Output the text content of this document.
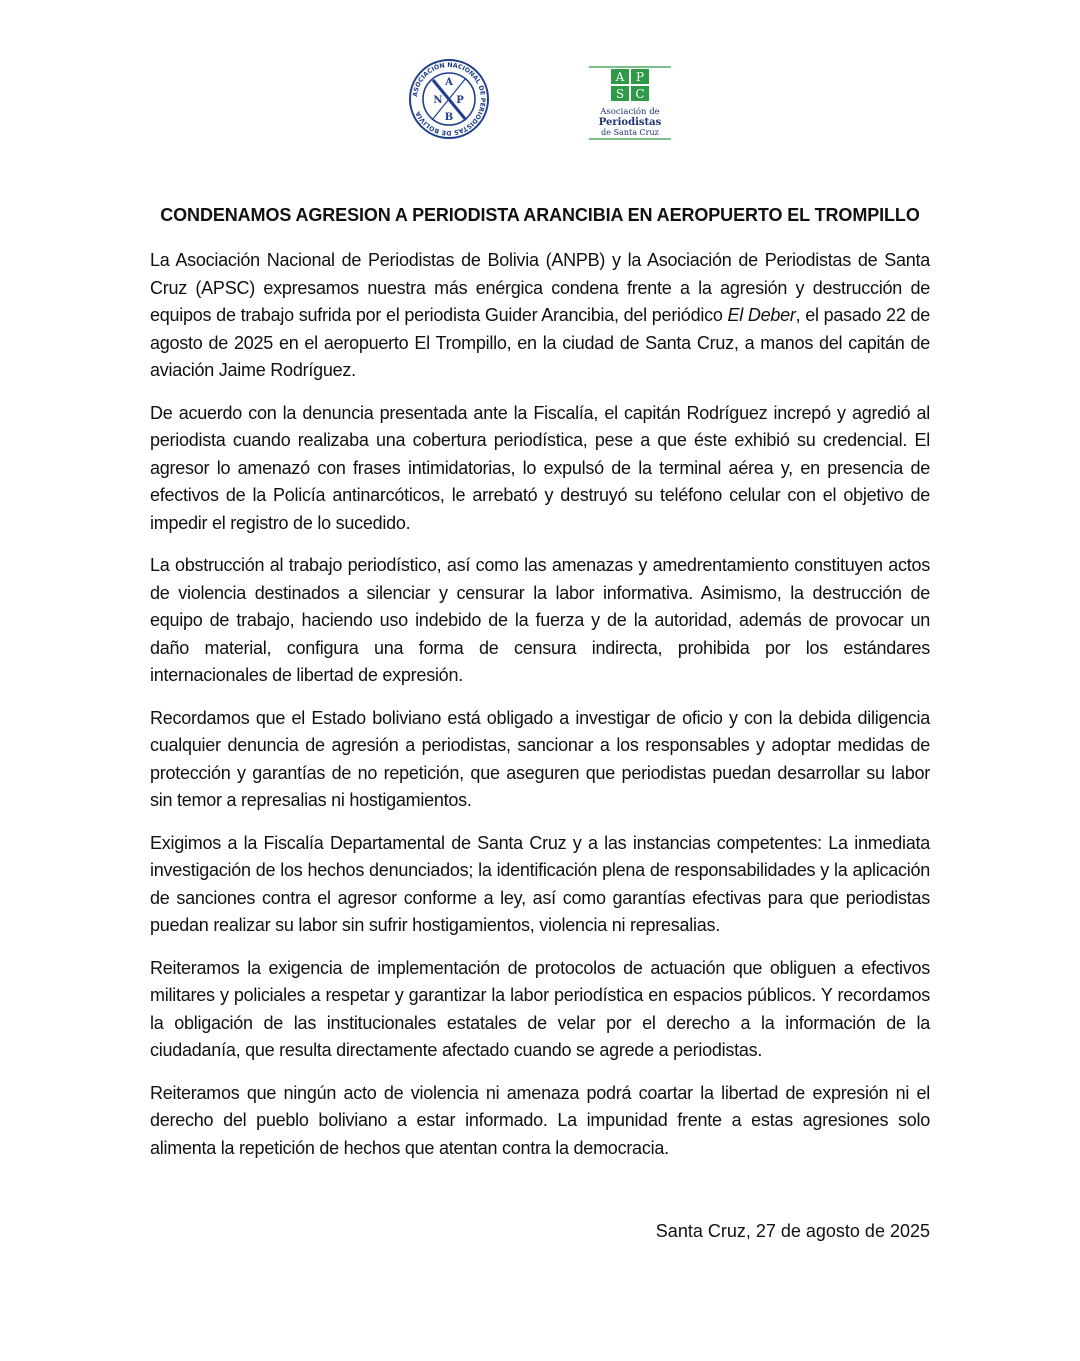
ASOCIACIÓN NACIONAL DE PERIODISTAS DE BOLIVIA
A
N P
B
A P
S C
Asociación de
Periodistas
de Santa Cruz
CONDENAMOS AGRESION A PERIODISTA ARANCIBIA EN AEROPUERTO EL TROMPILLO

La Asociación Nacional de Periodistas de Bolivia (ANPB) y la Asociación de Periodistas de Santa Cruz (APSC) expresamos nuestra más enérgica condena frente a la agresión y destrucción de equipos de trabajo sufrida por el periodista Guider Arancibia, del periódico El Deber, el pasado 22 de agosto de 2025 en el aeropuerto El Trompillo, en la ciudad de Santa Cruz, a manos del capitán de aviación Jaime Rodríguez.

De acuerdo con la denuncia presentada ante la Fiscalía, el capitán Rodríguez increpó y agredió al periodista cuando realizaba una cobertura periodística, pese a que éste exhibió su credencial. El agresor lo amenazó con frases intimidatorias, lo expulsó de la terminal aérea y, en presencia de efectivos de la Policía antinarcóticos, le arrebató y destruyó su teléfono celular con el objetivo de impedir el registro de lo sucedido.

La obstrucción al trabajo periodístico, así como las amenazas y amedrentamiento constituyen actos de violencia destinados a silenciar y censurar la labor informativa. Asimismo, la destrucción de equipo de trabajo, haciendo uso indebido de la fuerza y de la autoridad, además de provocar un daño material, configura una forma de censura indirecta, prohibida por los estándares internacionales de libertad de expresión.

Recordamos que el Estado boliviano está obligado a investigar de oficio y con la debida diligencia cualquier denuncia de agresión a periodistas, sancionar a los responsables y adoptar medidas de protección y garantías de no repetición, que aseguren que periodistas puedan desarrollar su labor sin temor a represalias ni hostigamientos.

Exigimos a la Fiscalía Departamental de Santa Cruz y a las instancias competentes: La inmediata investigación de los hechos denunciados; la identificación plena de responsabilidades y la aplicación de sanciones contra el agresor conforme a ley, así como garantías efectivas para que periodistas puedan realizar su labor sin sufrir hostigamientos, violencia ni represalias.

Reiteramos la exigencia de implementación de protocolos de actuación que obliguen a efectivos militares y policiales a respetar y garantizar la labor periodística en espacios públicos. Y recordamos la obligación de las institucionales estatales de velar por el derecho a la información de la ciudadanía, que resulta directamente afectado cuando se agrede a periodistas.

Reiteramos que ningún acto de violencia ni amenaza podrá coartar la libertad de expresión ni el derecho del pueblo boliviano a estar informado. La impunidad frente a estas agresiones solo alimenta la repetición de hechos que atentan contra la democracia.

Santa Cruz, 27 de agosto de 2025
